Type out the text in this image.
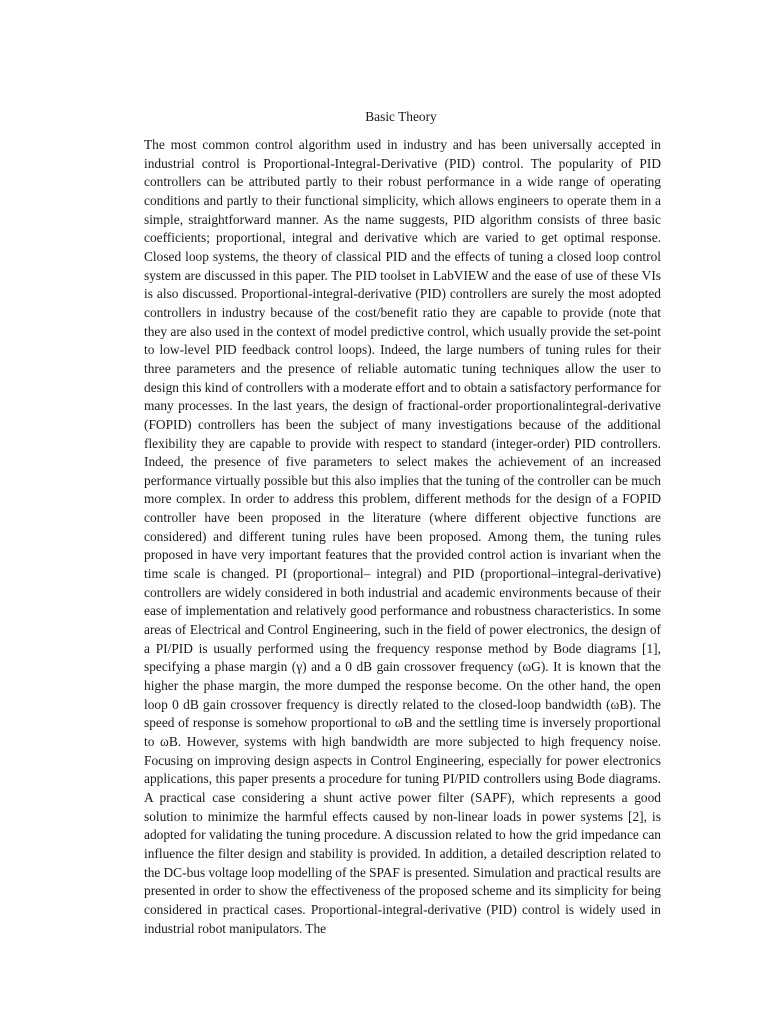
Basic Theory

The most common control algorithm used in industry and has been universally accepted in industrial control is Proportional-Integral-Derivative (PID) control. The popularity of PID controllers can be attributed partly to their robust performance in a wide range of operating conditions and partly to their functional simplicity, which allows engineers to operate them in a simple, straightforward manner. As the name suggests, PID algorithm consists of three basic coefficients; proportional, integral and derivative which are varied to get optimal response. Closed loop systems, the theory of classical PID and the effects of tuning a closed loop control system are discussed in this paper. The PID toolset in LabVIEW and the ease of use of these VIs is also discussed. Proportional-integral-derivative (PID) controllers are surely the most adopted controllers in industry because of the cost/benefit ratio they are capable to provide (note that they are also used in the context of model predictive control, which usually provide the set-point to low-level PID feedback control loops). Indeed, the large numbers of tuning rules for their three parameters and the presence of reliable automatic tuning techniques allow the user to design this kind of controllers with a moderate effort and to obtain a satisfactory performance for many processes. In the last years, the design of fractional-order proportionalintegral-derivative (FOPID) controllers has been the subject of many investigations because of the additional flexibility they are capable to provide with respect to standard (integer-order) PID controllers. Indeed, the presence of five parameters to select makes the achievement of an increased performance virtually possible but this also implies that the tuning of the controller can be much more complex. In order to address this problem, different methods for the design of a FOPID controller have been proposed in the literature (where different objective functions are considered) and different tuning rules have been proposed. Among them, the tuning rules proposed in have very important features that the provided control action is invariant when the time scale is changed. PI (proportional– integral) and PID (proportional–integral-derivative) controllers are widely considered in both industrial and academic environments because of their ease of implementation and relatively good performance and robustness characteristics. In some areas of Electrical and Control Engineering, such in the field of power electronics, the design of a PI/PID is usually performed using the frequency response method by Bode diagrams [1], specifying a phase margin (γ) and a 0 dB gain crossover frequency (ωG). It is known that the higher the phase margin, the more dumped the response become. On the other hand, the open loop 0 dB gain crossover frequency is directly related to the closed-loop bandwidth (ωB). The speed of response is somehow proportional to ωB and the settling time is inversely proportional to ωB. However, systems with high bandwidth are more subjected to high frequency noise. Focusing on improving design aspects in Control Engineering, especially for power electronics applications, this paper presents a procedure for tuning PI/PID controllers using Bode diagrams. A practical case considering a shunt active power filter (SAPF), which represents a good solution to minimize the harmful effects caused by non-linear loads in power systems [2], is adopted for validating the tuning procedure. A discussion related to how the grid impedance can influence the filter design and stability is provided. In addition, a detailed description related to the DC-bus voltage loop modelling of the SPAF is presented. Simulation and practical results are presented in order to show the effectiveness of the proposed scheme and its simplicity for being considered in practical cases. Proportional-integral-derivative (PID) control is widely used in industrial robot manipulators. The
